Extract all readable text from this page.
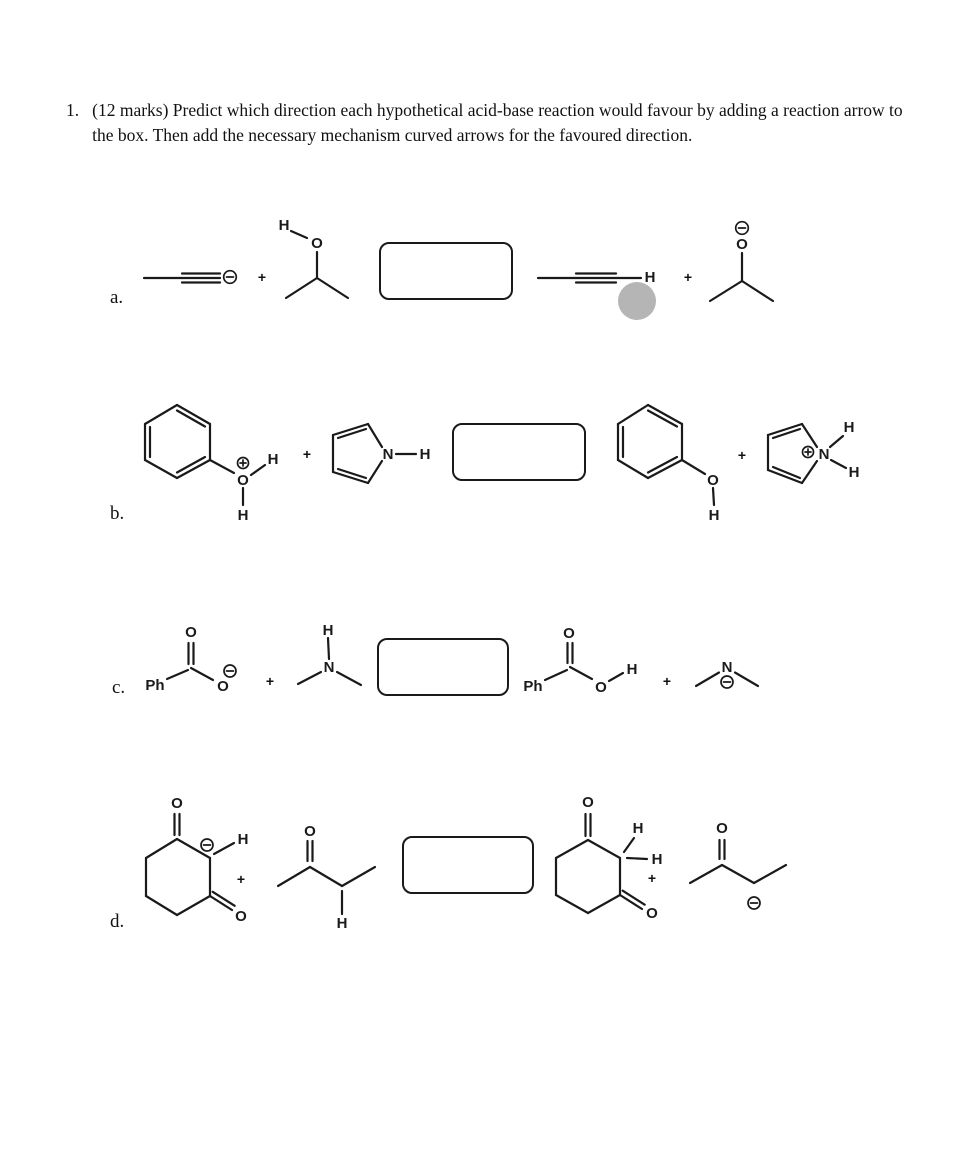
1. (12 marks) Predict which direction each hypothetical acid-base reaction would favour by adding a reaction arrow to the box. Then add the necessary mechanism curved arrows for the favoured direction.
a.
b.
c.
d.
+	+
+	+
+	+
+	+
H
O
H
O
O
H
H
N H
O
H
N
H
H
Ph
O
O
H
N
Ph
O
O
H	N
O
H
O
O
H
O
H
H
O
O
